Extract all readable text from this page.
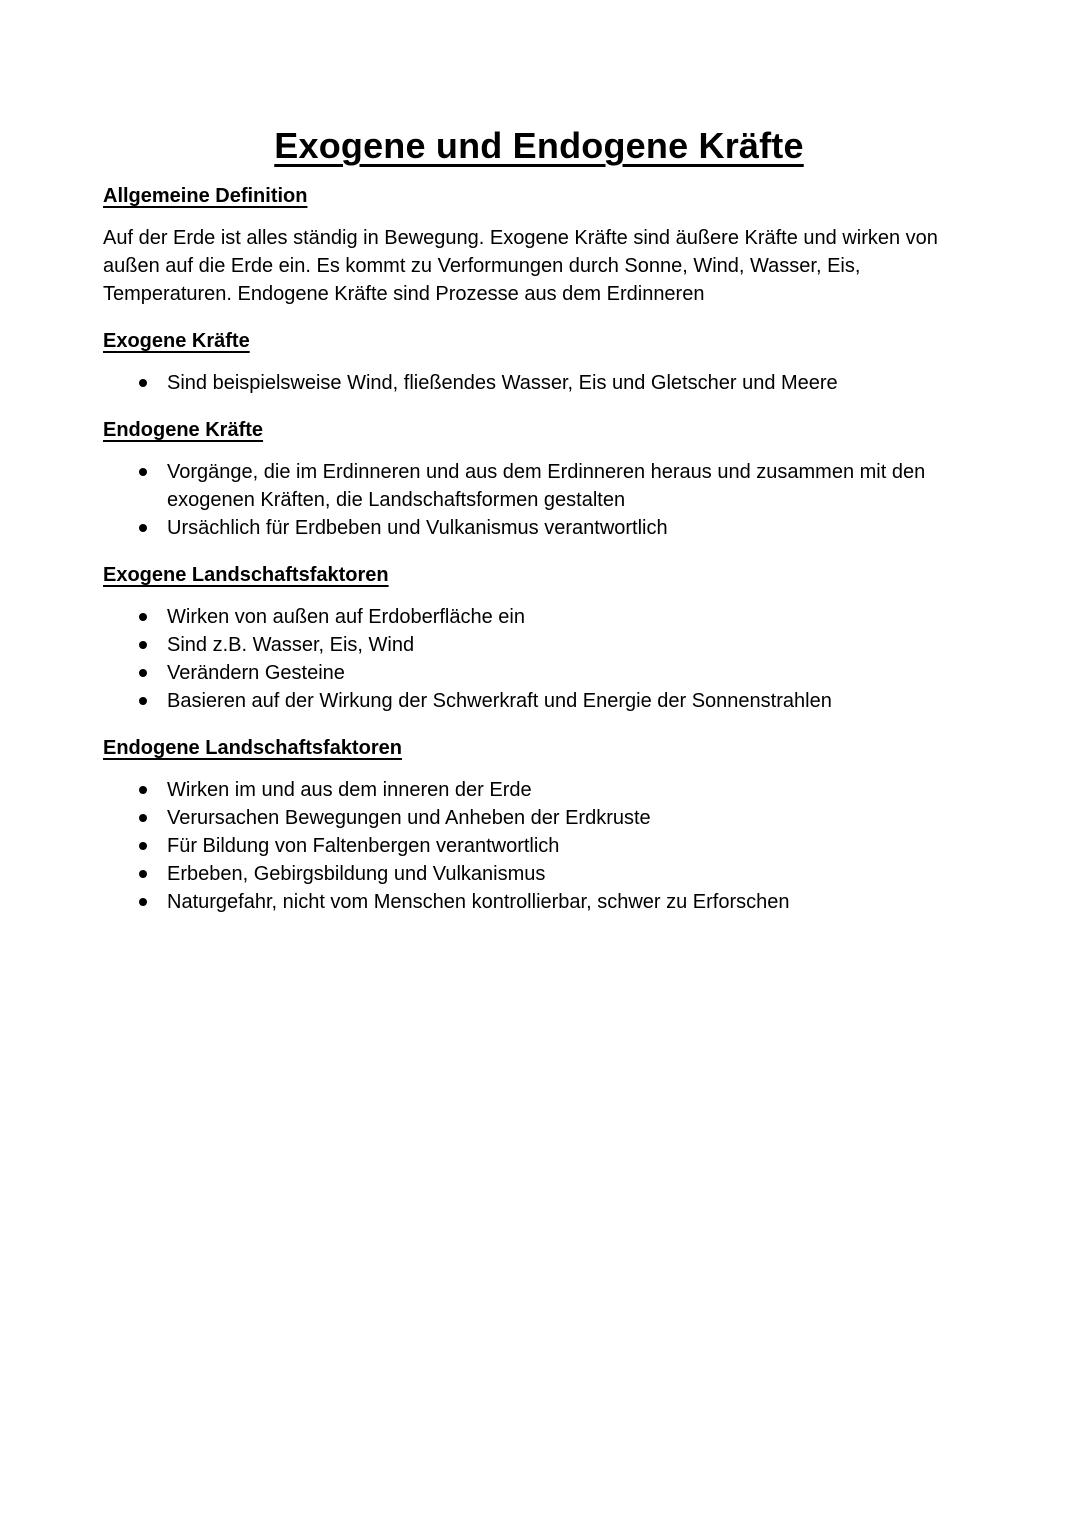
Exogene und Endogene Kräfte
Allgemeine Definition

Auf der Erde ist alles ständig in Bewegung. Exogene Kräfte sind äußere Kräfte und wirken von außen auf die Erde ein. Es kommt zu Verformungen durch Sonne, Wind, Wasser, Eis, Temperaturen. Endogene Kräfte sind Prozesse aus dem Erdinneren

Exogene Kräfte
Sind beispielsweise Wind, fließendes Wasser, Eis und Gletscher und Meere
Endogene Kräfte
Vorgänge, die im Erdinneren und aus dem Erdinneren heraus und zusammen mit den exogenen Kräften, die Landschaftsformen gestalten
Ursächlich für Erdbeben und Vulkanismus verantwortlich
Exogene Landschaftsfaktoren
Wirken von außen auf Erdoberfläche ein
Sind z.B. Wasser, Eis, Wind
Verändern Gesteine
Basieren auf der Wirkung der Schwerkraft und Energie der Sonnenstrahlen
Endogene Landschaftsfaktoren
Wirken im und aus dem inneren der Erde
Verursachen Bewegungen und Anheben der Erdkruste
Für Bildung von Faltenbergen verantwortlich
Erbeben, Gebirgsbildung und Vulkanismus
Naturgefahr, nicht vom Menschen kontrollierbar, schwer zu Erforschen
